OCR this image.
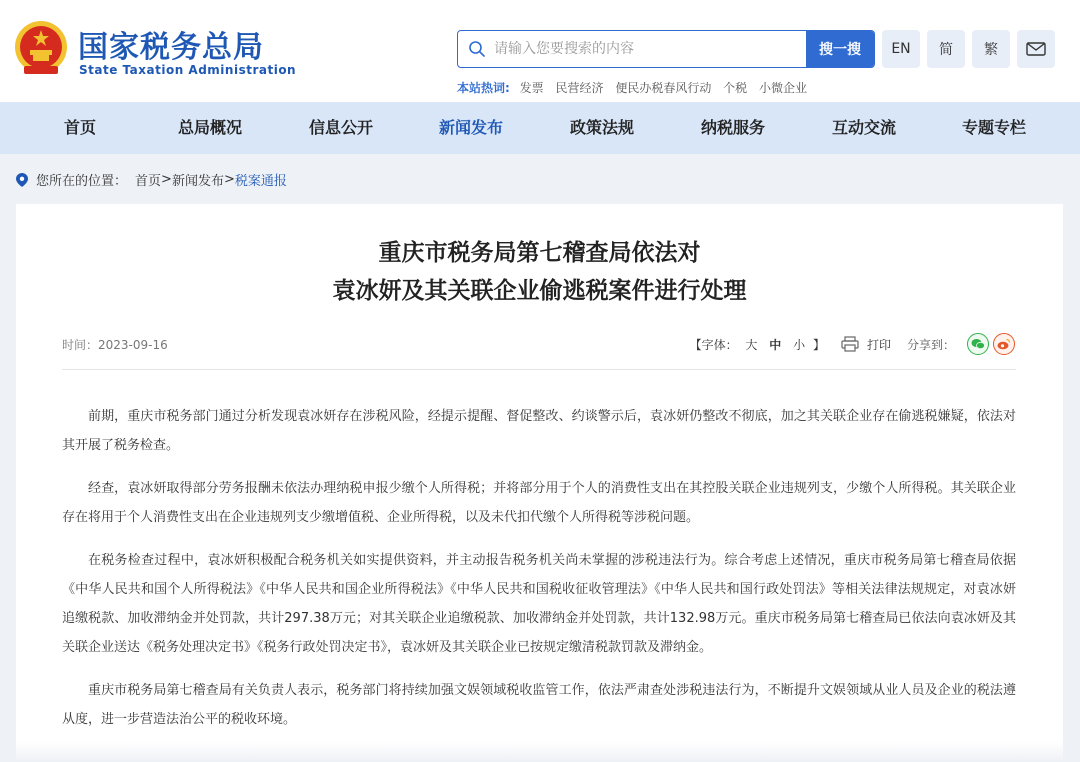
国家税务总局
State Taxation Administration
请输入您要搜索的内容
搜一搜	EN	简	繁
本站热词: 发票 民营经济 便民办税春风行动 个税 小微企业
首页	总局概况	信息公开	新闻发布	政策法规	纳税服务	互动交流	专题专栏
您所在的位置： 首页 > 新闻发布 > 税案通报
重庆市税务局第七稽查局依法对
袁冰妍及其关联企业偷逃税案件进行处理
时间：2023-09-16	【字体： 大 中 小 】	打印 分享到：

前期，重庆市税务部门通过分析发现袁冰妍存在涉税风险，经提示提醒、督促整改、约谈警示后，袁冰妍仍整改不彻底，加之其关联企业存在偷逃税嫌疑，依法对其开展了税务检查。

经查，袁冰妍取得部分劳务报酬未依法办理纳税申报少缴个人所得税；并将部分用于个人的消费性支出在其控股关联企业违规列支，少缴个人所得税。其关联企业存在将用于个人消费性支出在企业违规列支少缴增值税、企业所得税，以及未代扣代缴个人所得税等涉税问题。

在税务检查过程中，袁冰妍积极配合税务机关如实提供资料，并主动报告税务机关尚未掌握的涉税违法行为。综合考虑上述情况，重庆市税务局第七稽查局依据《中华人民共和国个人所得税法》《中华人民共和国企业所得税法》《中华人民共和国税收征收管理法》《中华人民共和国行政处罚法》等相关法律法规规定，对袁冰妍追缴税款、加收滞纳金并处罚款，共计297.38万元；对其关联企业追缴税款、加收滞纳金并处罚款，共计132.98万元。重庆市税务局第七稽查局已依法向袁冰妍及其关联企业送达《税务处理决定书》《税务行政处罚决定书》，袁冰妍及其关联企业已按规定缴清税款罚款及滞纳金。

重庆市税务局第七稽查局有关负责人表示，税务部门将持续加强文娱领域税收监管工作，依法严肃查处涉税违法行为，不断提升文娱领域从业人员及企业的税法遵从度，进一步营造法治公平的税收环境。
